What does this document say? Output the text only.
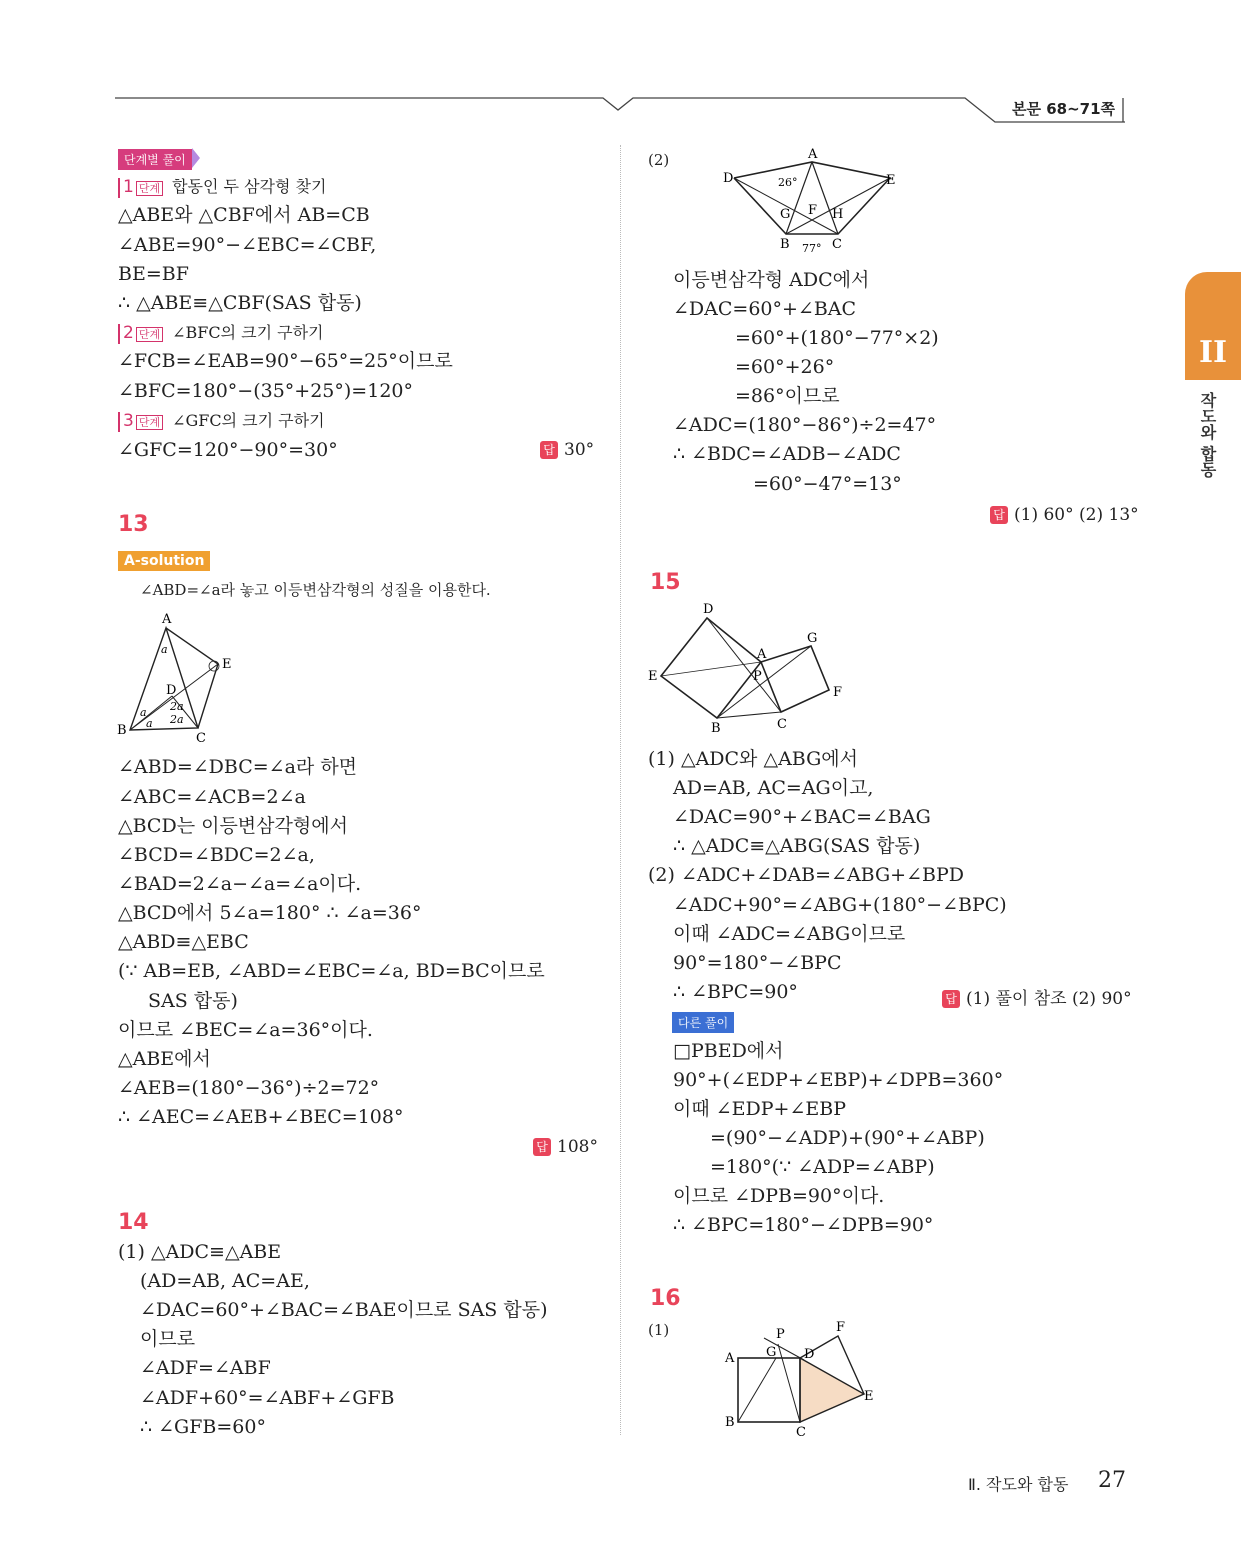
본문 68~71쪽
II
작도와 합동
단계별 풀이
1 단계 합동인 두 삼각형 찾기
△ABE와 △CBF에서 AB=CB
∠ABE=90°−∠EBC=∠CBF,
BE=BF
∴ △ABE≡△CBF(SAS 합동)
2 단계 ∠BFC의 크기 구하기
∠FCB=∠EAB=90°−65°=25°이므로
∠BFC=180°−(35°+25°)=120°
3 단계 ∠GFC의 크기 구하기
∠GFC=120°−90°=30°	답 30°
13
A-solution
∠ABD=∠a라 놓고 이등변삼각형의 성질을 이용한다.
A
B
C
D
E
a
a
a
2a
2a
∠ABD=∠DBC=∠a라 하면
∠ABC=∠ACB=2∠a
△BCD는 이등변삼각형에서
∠BCD=∠BDC=2∠a,
∠BAD=2∠a−∠a=∠a이다.
△BCD에서 5∠a=180° ∴ ∠a=36°
△ABD≡△EBC
(∵ AB=EB, ∠ABD=∠EBC=∠a, BD=BC이므로
SAS 합동)
이므로 ∠BEC=∠a=36°이다.
△ABE에서
∠AEB=(180°−36°)÷2=72°
∴ ∠AEC=∠AEB+∠BEC=108°
답 108°
14
(1) △ADC≡△ABE
(AD=AB, AC=AE,
∠DAC=60°+∠BAC=∠BAE이므로 SAS 합동)
이므로
∠ADF=∠ABF
∠ADF+60°=∠ABF+∠GFB
∴ ∠GFB=60°
(2)	A
D	E
G F H
B	C
26°
77°
이등변삼각형 ADC에서
∠DAC=60°+∠BAC
=60°+(180°−77°×2)
=60°+26°
=86°이므로
∠ADC=(180°−86°)÷2=47°
∴ ∠BDC=∠ADB−∠ADC
=60°−47°=13°
답 (1) 60° (2) 13°
15
D
G
A
E	P
F
B	C
(1) △ADC와 △ABG에서
AD=AB, AC=AG이고,
∠DAC=90°+∠BAC=∠BAG
∴ △ADC≡△ABG(SAS 합동)
(2) ∠ADC+∠DAB=∠ABG+∠BPD
∠ADC+90°=∠ABG+(180°−∠BPC)
이때 ∠ADC=∠ABG이므로
90°=180°−∠BPC
∴ ∠BPC=90°	답 (1) 풀이 참조 (2) 90°
다른 풀이
□PBED에서
90°+(∠EDP+∠EBP)+∠DPB=360°
이때 ∠EDP+∠EBP
=(90°−∠ADP)+(90°+∠ABP)
=180°(∵ ∠ADP=∠ABP)
이므로 ∠DPB=90°이다.
∴ ∠BPC=180°−∠DPB=90°
16
(1)	P	F
A G D
E
B
C
Ⅱ. 작도와 합동 27
